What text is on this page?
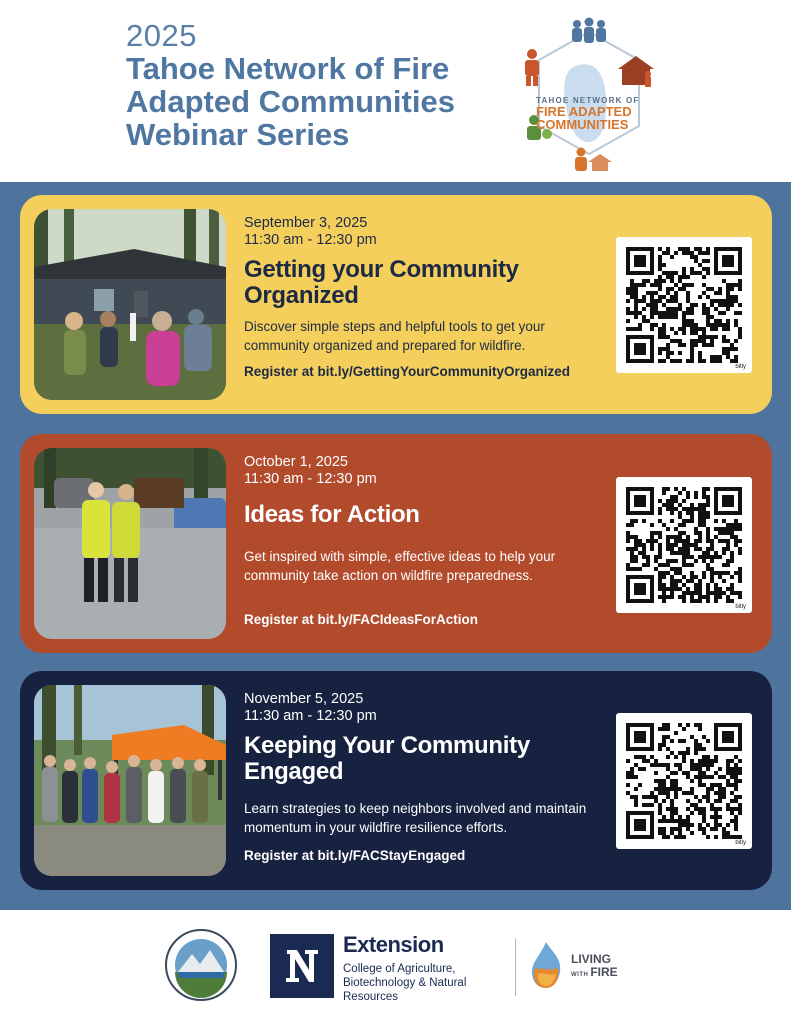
2025
Tahoe Network of Fire Adapted Communities Webinar Series
TAHOE NETWORK OF
FIRE ADAPTED
COMMUNITIES
September 3, 2025
11:30 am - 12:30 pm
Getting your Community Organized
Discover simple steps and helpful tools to get your community organized and prepared for wildfire.
Register at bit.ly/GettingYourCommunityOrganized	bitly
October 1, 2025
11:30 am - 12:30 pm
Ideas for Action
Get inspired with simple, effective ideas to help your community take action on wildfire preparedness.
Register at bit.ly/FACIdeasForAction
bitly
November 5, 2025
11:30 am - 12:30 pm
Keeping Your Community Engaged
Learn strategies to keep neighbors involved and maintain momentum in your wildfire resilience efforts.
Register at bit.ly/FACStayEngaged
bitly
Extension
College of Agriculture,
Biotechnology & Natural Resources
LIVING
WITH FIRE
